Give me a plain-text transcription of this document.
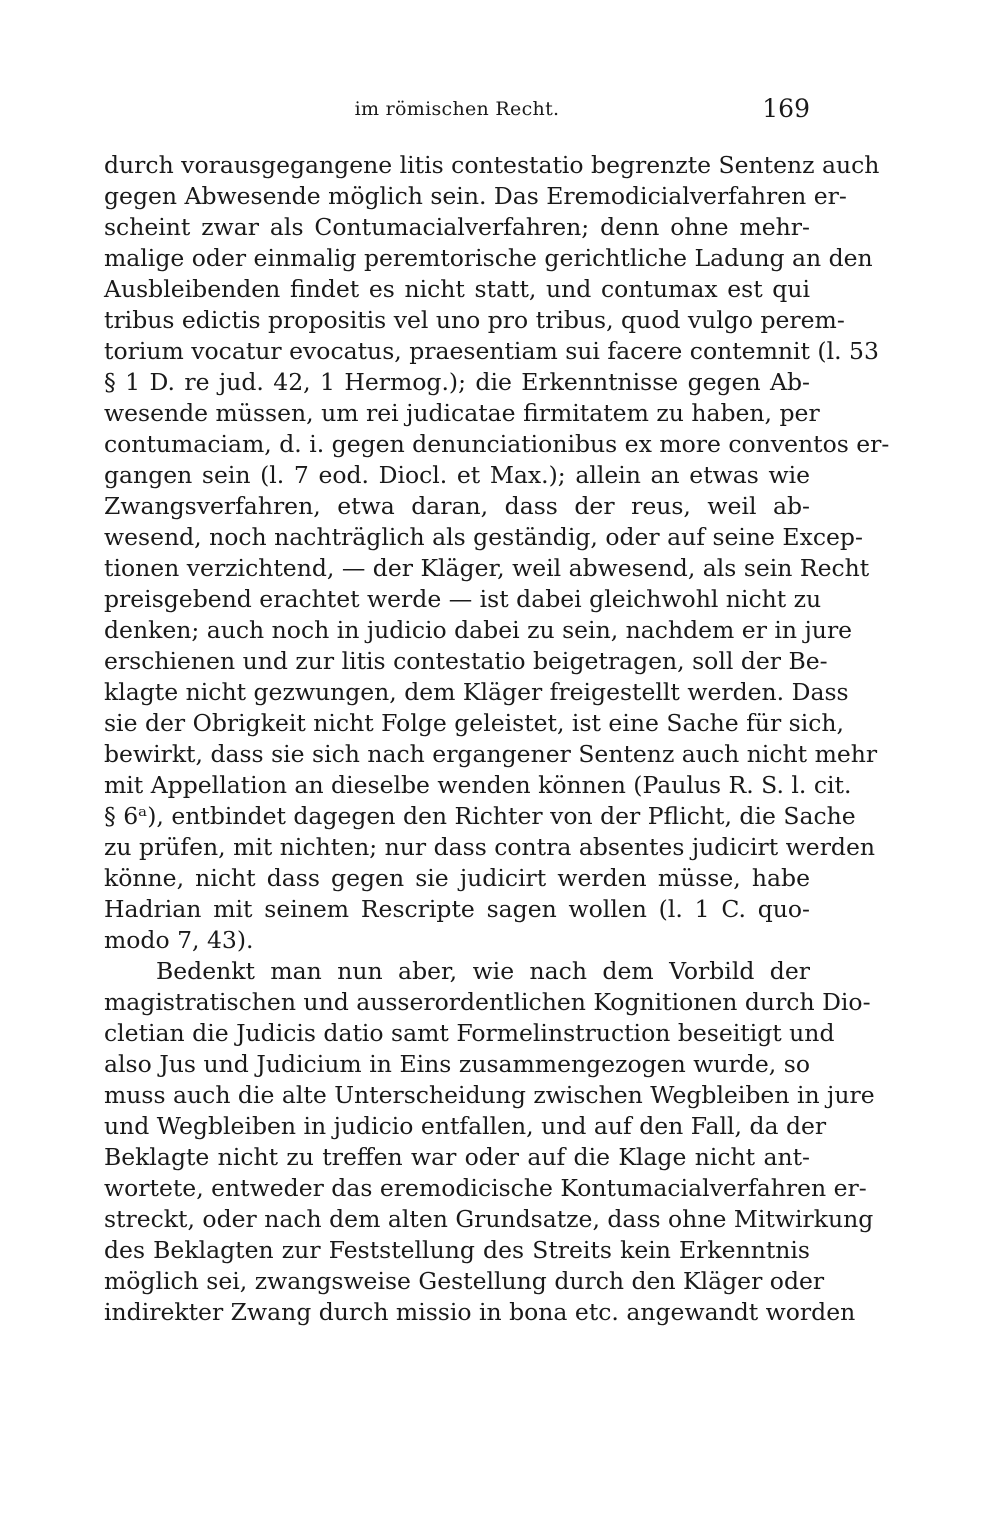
im römischen Recht.	169
durch vorausgegangene litis contestatio begrenzte Sentenz auch
gegen Abwesende möglich sein. Das Eremodicialverfahren er-
scheint zwar als Contumacialverfahren; denn ohne mehr-
malige oder einmalig peremtorische gerichtliche Ladung an den
Ausbleibenden findet es nicht statt, und contumax est qui
tribus edictis propositis vel uno pro tribus, quod vulgo perem-
torium vocatur evocatus, praesentiam sui facere contemnit (l. 53
§ 1 D. re jud. 42, 1 Hermog.); die Erkenntnisse gegen Ab-
wesende müssen, um rei judicatae firmitatem zu haben, per
contumaciam, d. i. gegen denunciationibus ex more conventos er-
gangen sein (l. 7 eod. Diocl. et Max.); allein an etwas wie
Zwangsverfahren, etwa daran, dass der reus, weil ab-
wesend, noch nachträglich als geständig, oder auf seine Excep-
tionen verzichtend, — der Kläger, weil abwesend, als sein Recht
preisgebend erachtet werde — ist dabei gleichwohl nicht zu
denken; auch noch in judicio dabei zu sein, nachdem er in jure
erschienen und zur litis contestatio beigetragen, soll der Be-
klagte nicht gezwungen, dem Kläger freigestellt werden. Dass
sie der Obrigkeit nicht Folge geleistet, ist eine Sache für sich,
bewirkt, dass sie sich nach ergangener Sentenz auch nicht mehr
mit Appellation an dieselbe wenden können (Paulus R. S. l. cit.
§ 6ᵃ), entbindet dagegen den Richter von der Pflicht, die Sache
zu prüfen, mit nichten; nur dass contra absentes judicirt werden
könne, nicht dass gegen sie judicirt werden müsse, habe
Hadrian mit seinem Rescripte sagen wollen (l. 1 C. quo-
modo 7, 43).
Bedenkt man nun aber, wie nach dem Vorbild der
magistratischen und ausserordentlichen Kognitionen durch Dio-
cletian die Judicis datio samt Formelinstruction beseitigt und
also Jus und Judicium in Eins zusammengezogen wurde, so
muss auch die alte Unterscheidung zwischen Wegbleiben in jure
und Wegbleiben in judicio entfallen, und auf den Fall, da der
Beklagte nicht zu treffen war oder auf die Klage nicht ant-
wortete, entweder das eremodicische Kontumacialverfahren er-
streckt, oder nach dem alten Grundsatze, dass ohne Mitwirkung
des Beklagten zur Feststellung des Streits kein Erkenntnis
möglich sei, zwangsweise Gestellung durch den Kläger oder
indirekter Zwang durch missio in bona etc. angewandt worden
